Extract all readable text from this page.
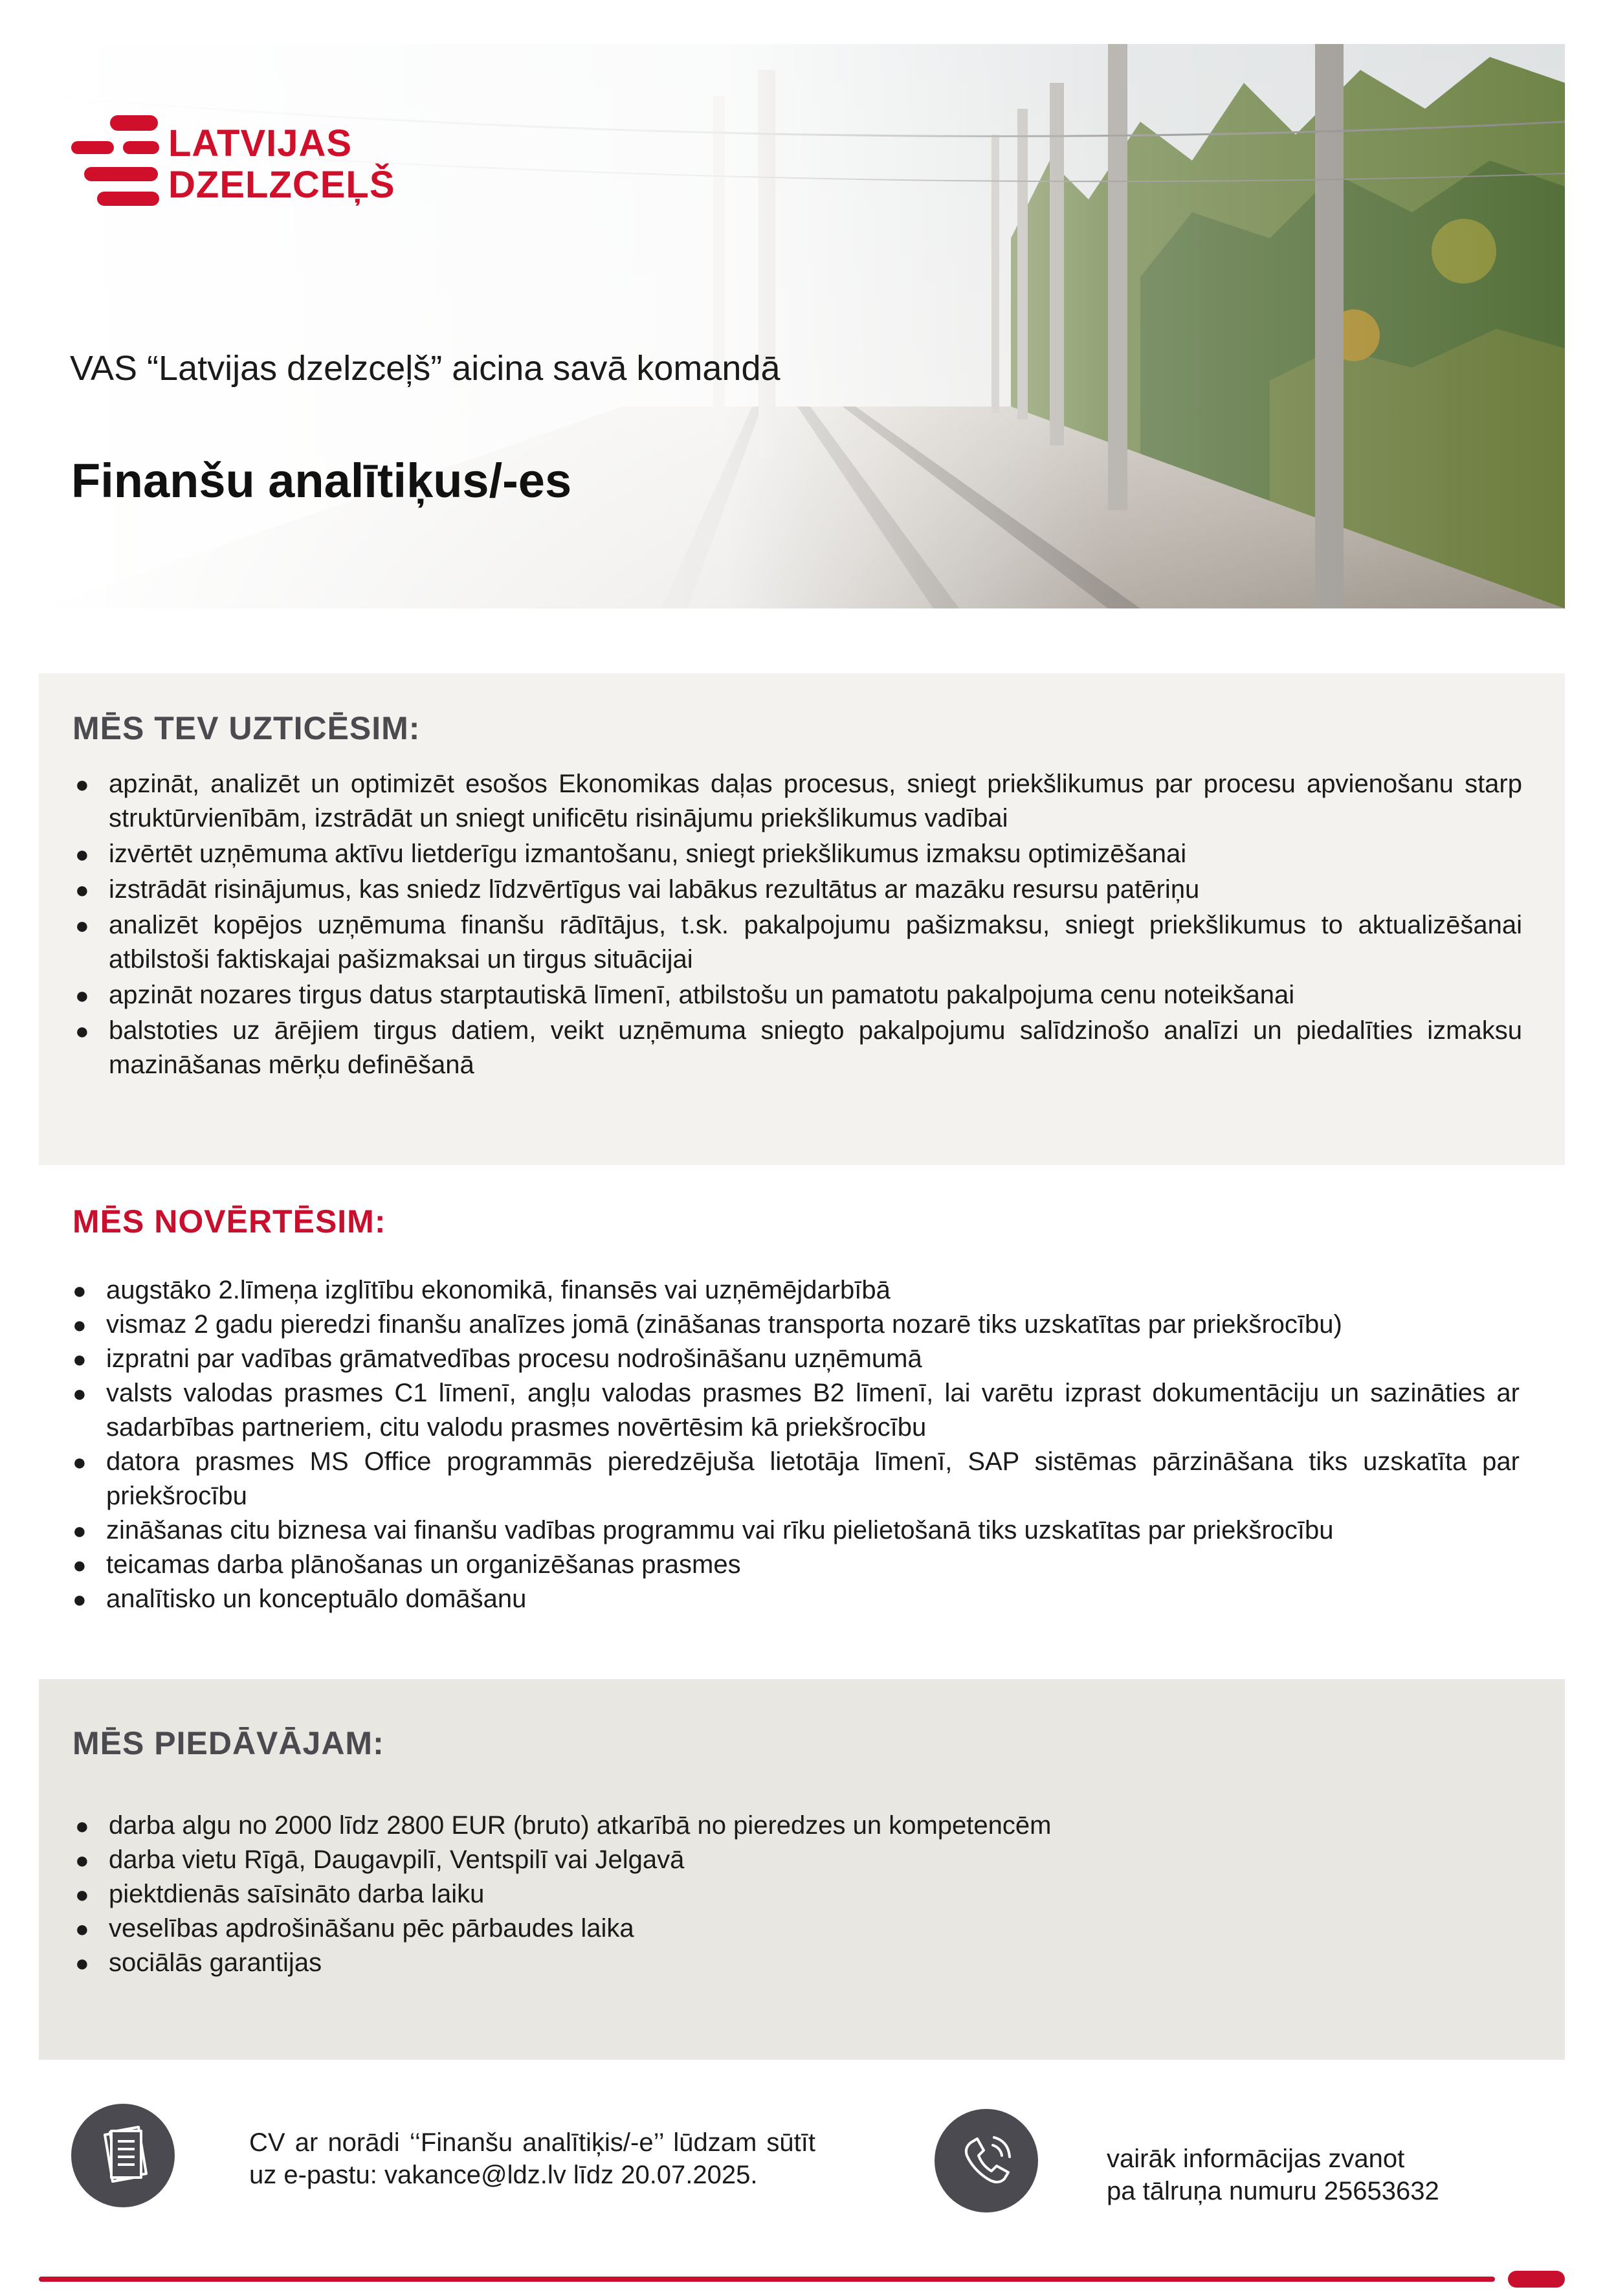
LATVIJAS
DZELZCEĻŠ
VAS “Latvijas dzelzceļš” aicina savā komandā
Finanšu analītiķus/-es
MĒS TEV UZTICĒSIM:
● apzināt, analizēt un optimizēt esošos Ekonomikas daļas procesus, sniegt priekšlikumus par procesu apvienošanu starp struktūrvienībām, izstrādāt un sniegt unificētu risinājumu priekšlikumus vadībai
● izvērtēt uzņēmuma aktīvu lietderīgu izmantošanu, sniegt priekšlikumus izmaksu optimizēšanai
● izstrādāt risinājumus, kas sniedz līdzvērtīgus vai labākus rezultātus ar mazāku resursu patēriņu
● analizēt kopējos uzņēmuma finanšu rādītājus, t.sk. pakalpojumu pašizmaksu, sniegt priekšlikumus to aktualizēšanai atbilstoši faktiskajai pašizmaksai un tirgus situācijai
● apzināt nozares tirgus datus starptautiskā līmenī, atbilstošu un pamatotu pakalpojuma cenu noteikšanai
● balstoties uz ārējiem tirgus datiem, veikt uzņēmuma sniegto pakalpojumu salīdzinošo analīzi un piedalīties izmaksu mazināšanas mērķu definēšanā
MĒS NOVĒRTĒSIM:
● augstāko 2.līmeņa izglītību ekonomikā, finansēs vai uzņēmējdarbībā
● vismaz 2 gadu pieredzi finanšu analīzes jomā (zināšanas transporta nozarē tiks uzskatītas par priekšrocību)
● izpratni par vadības grāmatvedības procesu nodrošināšanu uzņēmumā
● valsts valodas prasmes C1 līmenī, angļu valodas prasmes B2 līmenī, lai varētu izprast dokumentāciju un sazināties ar sadarbības partneriem, citu valodu prasmes novērtēsim kā priekšrocību
● datora prasmes MS Office programmās pieredzējuša lietotāja līmenī, SAP sistēmas pārzināšana tiks uzskatīta par priekšrocību
● zināšanas citu biznesa vai finanšu vadības programmu vai rīku pielietošanā tiks uzskatītas par priekšrocību
● teicamas darba plānošanas un organizēšanas prasmes
● analītisko un konceptuālo domāšanu
MĒS PIEDĀVĀJAM:
● darba algu no 2000 līdz 2800 EUR (bruto) atkarībā no pieredzes un kompetencēm
● darba vietu Rīgā, Daugavpilī, Ventspilī vai Jelgavā
● piektdienās saīsināto darba laiku
● veselības apdrošināšanu pēc pārbaudes laika
● sociālās garantijas
CV ar norādi ‘‘Finanšu analītiķis/-e’’ lūdzam sūtīt uz e-pastu: vakance@ldz.lv līdz 20.07.2025.
vairāk informācijas zvanot
pa tālruņa numuru 25653632
